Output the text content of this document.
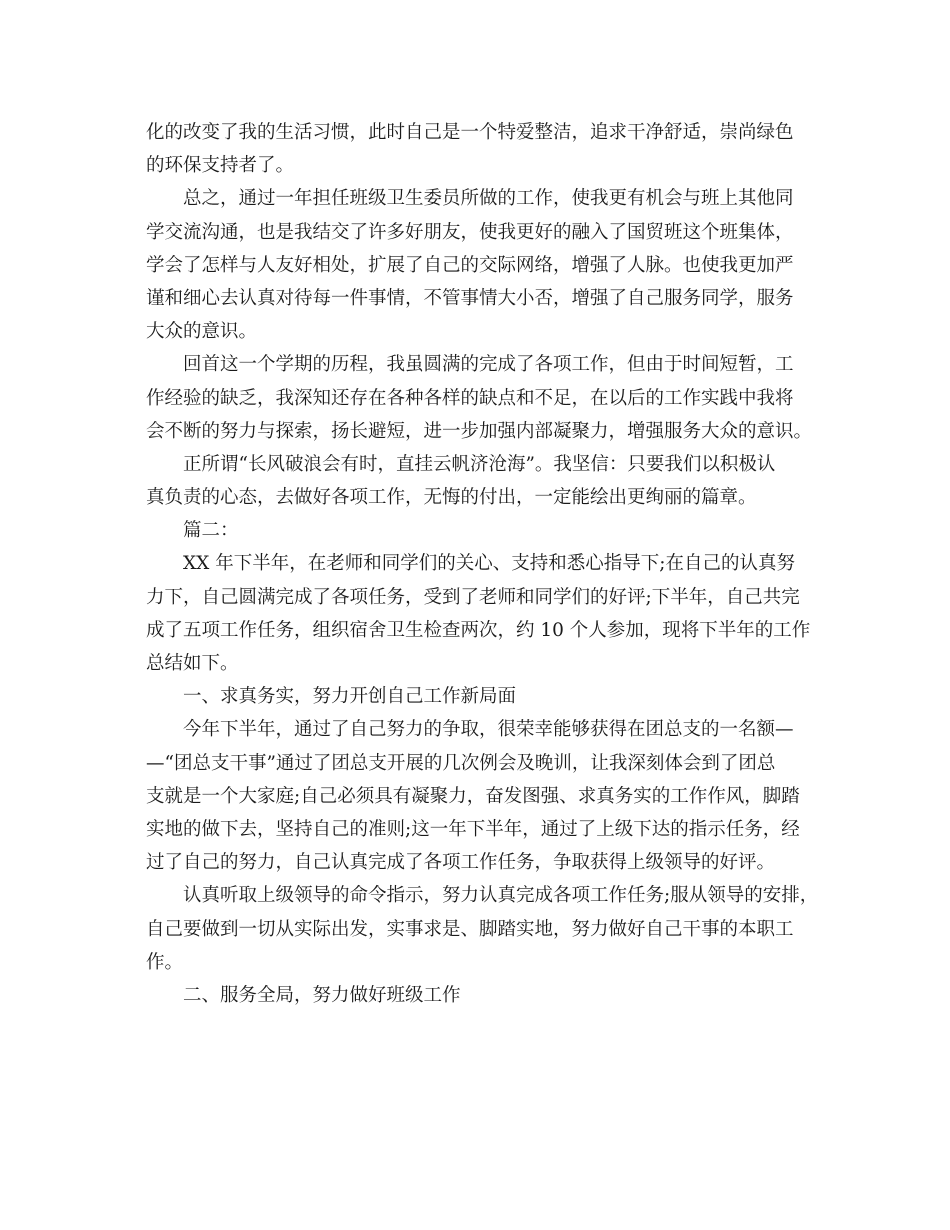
化的改变了我的生活习惯，此时自己是一个特爱整洁，追求干净舒适，崇尚绿色
的环保支持者了。
总之，通过一年担任班级卫生委员所做的工作，使我更有机会与班上其他同
学交流沟通，也是我结交了许多好朋友，使我更好的融入了国贸班这个班集体，
学会了怎样与人友好相处，扩展了自己的交际网络，增强了人脉。也使我更加严
谨和细心去认真对待每一件事情，不管事情大小否，增强了自己服务同学，服务
大众的意识。
回首这一个学期的历程，我虽圆满的完成了各项工作，但由于时间短暂，工
作经验的缺乏，我深知还存在各种各样的缺点和不足，在以后的工作实践中我将
会不断的努力与探索，扬长避短，进一步加强内部凝聚力，增强服务大众的意识。
正所谓“长风破浪会有时，直挂云帆济沧海”。我坚信：只要我们以积极认
真负责的心态，去做好各项工作，无悔的付出，一定能绘出更绚丽的篇章。
篇二：
XX 年下半年，在老师和同学们的关心、支持和悉心指导下;在自己的认真努
力下，自己圆满完成了各项任务，受到了老师和同学们的好评;下半年，自己共完
成了五项工作任务，组织宿舍卫生检查两次，约 10 个人参加，现将下半年的工作
总结如下。
一、求真务实，努力开创自己工作新局面
今年下半年，通过了自己努力的争取，很荣幸能够获得在团总支的一名额—
—“团总支干事”通过了团总支开展的几次例会及晚训，让我深刻体会到了团总
支就是一个大家庭;自己必须具有凝聚力，奋发图强、求真务实的工作作风，脚踏
实地的做下去，坚持自己的准则;这一年下半年，通过了上级下达的指示任务，经
过了自己的努力，自己认真完成了各项工作任务，争取获得上级领导的好评。
认真听取上级领导的命令指示，努力认真完成各项工作任务;服从领导的安排，
自己要做到一切从实际出发，实事求是、脚踏实地，努力做好自己干事的本职工
作。
二、服务全局，努力做好班级工作
